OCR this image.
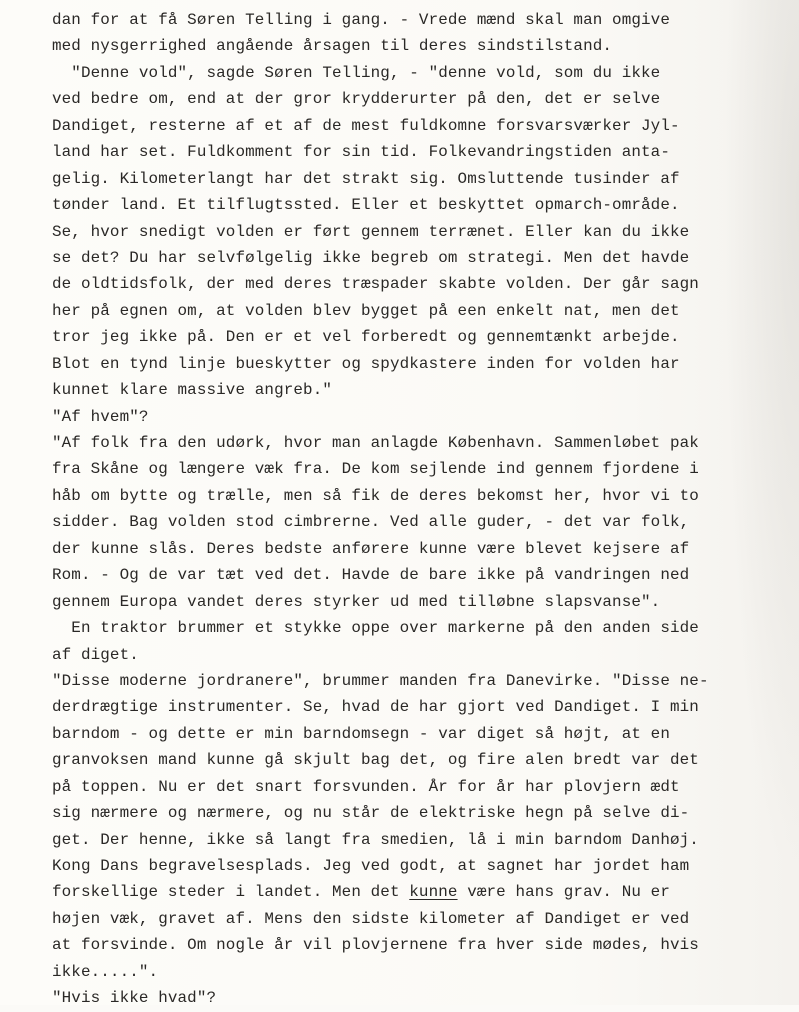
dan for at få Søren Telling i gang. - Vrede mænd skal man omgive
med nysgerrighed angående årsagen til deres sindstilstand.
"Denne vold", sagde Søren Telling, - "denne vold, som du ikke
ved bedre om, end at der gror krydderurter på den, det er selve
Dandiget, resterne af et af de mest fuldkomne forsvarsværker Jyl-
land har set. Fuldkomment for sin tid. Folkevandringstiden anta-
gelig. Kilometerlangt har det strakt sig. Omsluttende tusinder af
tønder land. Et tilflugtssted. Eller et beskyttet opmarch-område.
Se, hvor snedigt volden er ført gennem terrænet. Eller kan du ikke
se det? Du har selvfølgelig ikke begreb om strategi. Men det havde
de oldtidsfolk, der med deres træspader skabte volden. Der går sagn
her på egnen om, at volden blev bygget på een enkelt nat, men det
tror jeg ikke på. Den er et vel forberedt og gennemtænkt arbejde.
Blot en tynd linje bueskytter og spydkastere inden for volden har
kunnet klare massive angreb."
"Af hvem"?
"Af folk fra den udørk, hvor man anlagde København. Sammenløbet pak
fra Skåne og længere væk fra. De kom sejlende ind gennem fjordene i
håb om bytte og trælle, men så fik de deres bekomst her, hvor vi to
sidder. Bag volden stod cimbrerne. Ved alle guder, - det var folk,
der kunne slås. Deres bedste anførere kunne være blevet kejsere af
Rom. - Og de var tæt ved det. Havde de bare ikke på vandringen ned
gennem Europa vandet deres styrker ud med tilløbne slapsvanse".
En traktor brummer et stykke oppe over markerne på den anden side
af diget.
"Disse moderne jordranere", brummer manden fra Danevirke. "Disse ne-
derdrægtige instrumenter. Se, hvad de har gjort ved Dandiget. I min
barndom - og dette er min barndomsegn - var diget så højt, at en
granvoksen mand kunne gå skjult bag det, og fire alen bredt var det
på toppen. Nu er det snart forsvunden. År for år har plovjern ædt
sig nærmere og nærmere, og nu står de elektriske hegn på selve di-
get. Der henne, ikke så langt fra smedien, lå i min barndom Danhøj.
Kong Dans begravelsesplads. Jeg ved godt, at sagnet har jordet ham
forskellige steder i landet. Men det kunne være hans grav. Nu er
højen væk, gravet af. Mens den sidste kilometer af Dandiget er ved
at forsvinde. Om nogle år vil plovjernene fra hver side mødes, hvis
ikke.....".
"Hvis ikke hvad"?
